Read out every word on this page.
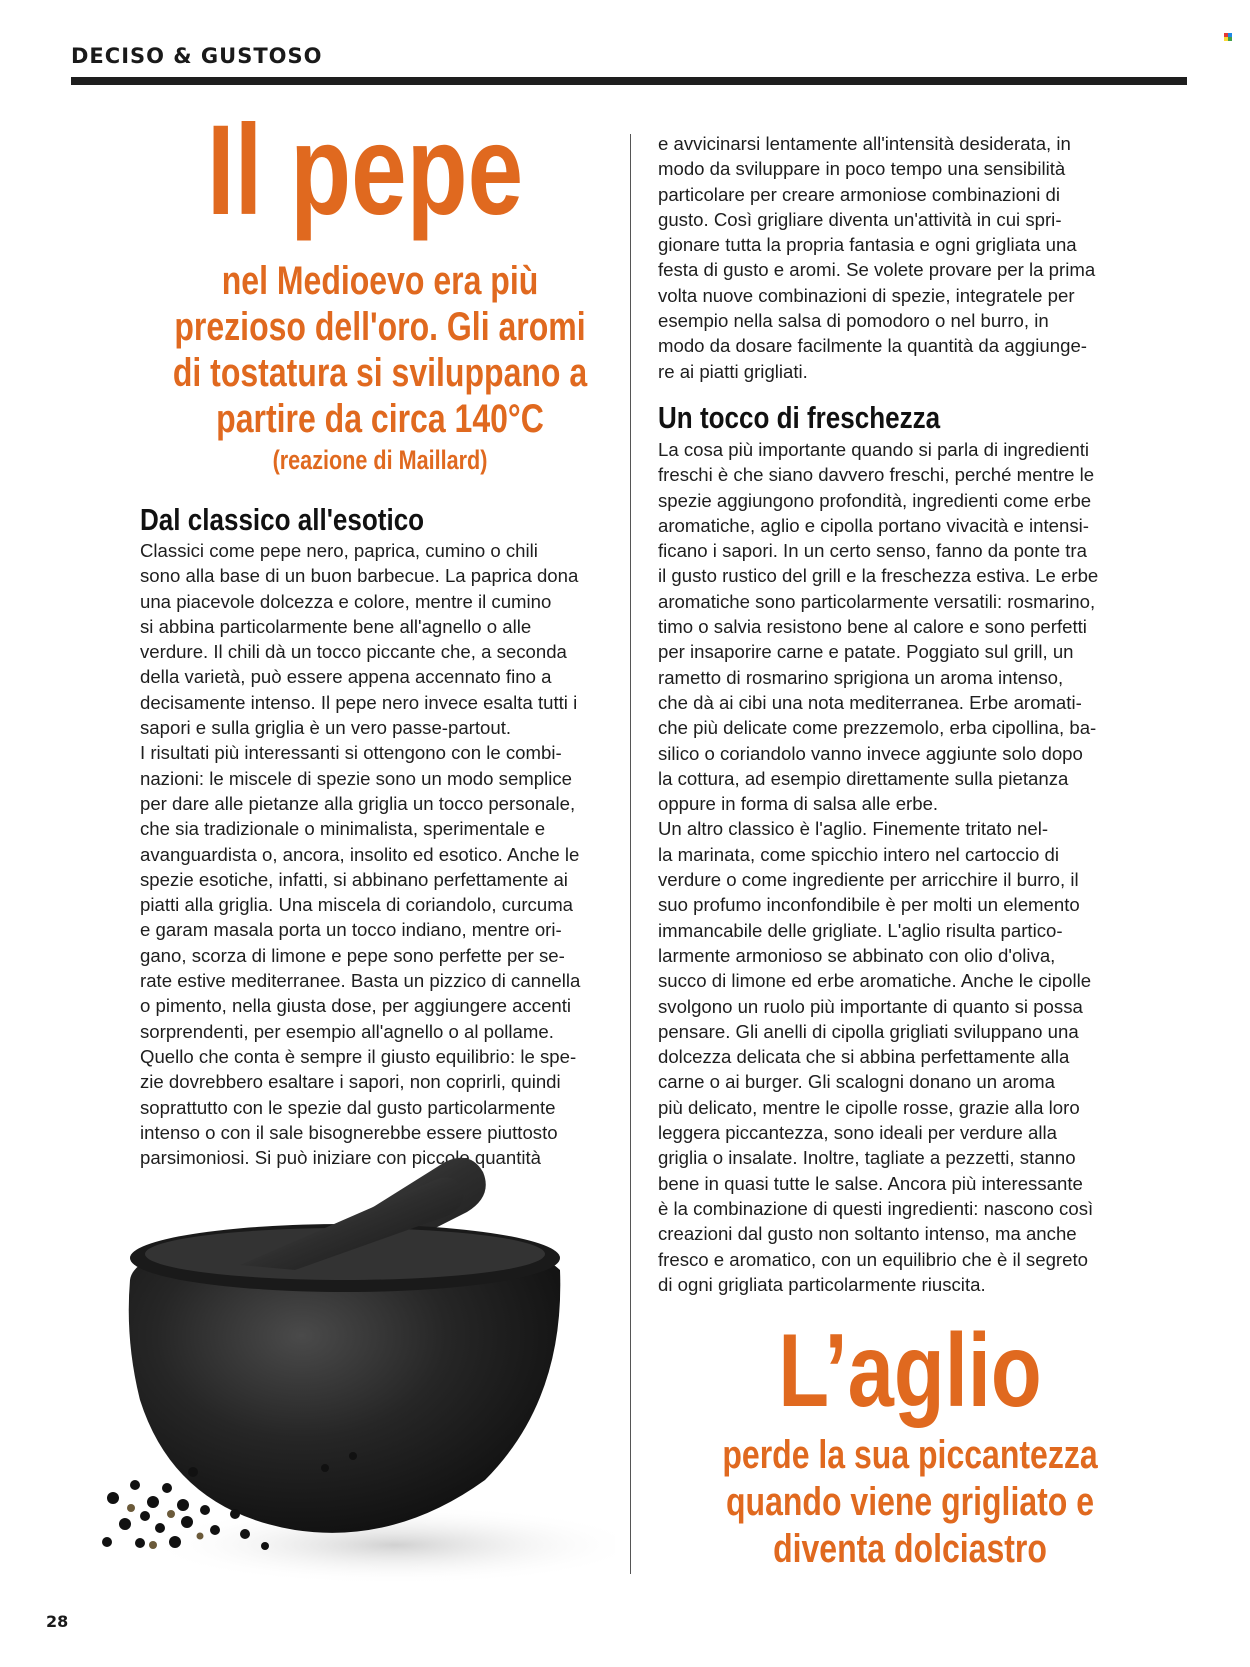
DECISO & GUSTOSO
Il pepe
nel Medioevo era più prezioso dell'oro. Gli aromi di tostatura si sviluppano a partire da circa 140°C
(reazione di Maillard)
Dal classico all'esotico

Classici come pepe nero, paprica, cumino o chili
sono alla base di un buon barbecue. La paprica dona
una piacevole dolcezza e colore, mentre il cumino
si abbina particolarmente bene all'agnello o alle
verdure. Il chili dà un tocco piccante che, a seconda
della varietà, può essere appena accennato fino a
decisamente intenso. Il pepe nero invece esalta tutti i
sapori e sulla griglia è un vero passe-partout.
I risultati più interessanti si ottengono con le combi-
nazioni: le miscele di spezie sono un modo semplice
per dare alle pietanze alla griglia un tocco personale,
che sia tradizionale o minimalista, sperimentale e
avanguardista o, ancora, insolito ed esotico. Anche le
spezie esotiche, infatti, si abbinano perfettamente ai
piatti alla griglia. Una miscela di coriandolo, curcuma
e garam masala porta un tocco indiano, mentre ori-
gano, scorza di limone e pepe sono perfette per se-
rate estive mediterranee. Basta un pizzico di cannella
o pimento, nella giusta dose, per aggiungere accenti
sorprendenti, per esempio all'agnello o al pollame.
Quello che conta è sempre il giusto equilibrio: le spe-
zie dovrebbero esaltare i sapori, non coprirli, quindi
soprattutto con le spezie dal gusto particolarmente
intenso o con il sale bisognerebbe essere piuttosto
parsimoniosi. Si può iniziare con piccole quantità

e avvicinarsi lentamente all'intensità desiderata, in
modo da sviluppare in poco tempo una sensibilità
particolare per creare armoniose combinazioni di
gusto. Così grigliare diventa un'attività in cui spri-
gionare tutta la propria fantasia e ogni grigliata una
festa di gusto e aromi. Se volete provare per la prima
volta nuove combinazioni di spezie, integratele per
esempio nella salsa di pomodoro o nel burro, in
modo da dosare facilmente la quantità da aggiunge-
re ai piatti grigliati.

Un tocco di freschezza

La cosa più importante quando si parla di ingredienti
freschi è che siano davvero freschi, perché mentre le
spezie aggiungono profondità, ingredienti come erbe
aromatiche, aglio e cipolla portano vivacità e intensi-
ficano i sapori. In un certo senso, fanno da ponte tra
il gusto rustico del grill e la freschezza estiva. Le erbe
aromatiche sono particolarmente versatili: rosmarino,
timo o salvia resistono bene al calore e sono perfetti
per insaporire carne e patate. Poggiato sul grill, un
rametto di rosmarino sprigiona un aroma intenso,
che dà ai cibi una nota mediterranea. Erbe aromati-
che più delicate come prezzemolo, erba cipollina, ba-
silico o coriandolo vanno invece aggiunte solo dopo
la cottura, ad esempio direttamente sulla pietanza
oppure in forma di salsa alle erbe.
Un altro classico è l'aglio. Finemente tritato nel-
la marinata, come spicchio intero nel cartoccio di
verdure o come ingrediente per arricchire il burro, il
suo profumo inconfondibile è per molti un elemento
immancabile delle grigliate. L'aglio risulta partico-
larmente armonioso se abbinato con olio d'oliva,
succo di limone ed erbe aromatiche. Anche le cipolle
svolgono un ruolo più importante di quanto si possa
pensare. Gli anelli di cipolla grigliati sviluppano una
dolcezza delicata che si abbina perfettamente alla
carne o ai burger. Gli scalogni donano un aroma
più delicato, mentre le cipolle rosse, grazie alla loro
leggera piccantezza, sono ideali per verdure alla
griglia o insalate. Inoltre, tagliate a pezzetti, stanno
bene in quasi tutte le salse. Ancora più interessante
è la combinazione di questi ingredienti: nascono così
creazioni dal gusto non soltanto intenso, ma anche
fresco e aromatico, con un equilibrio che è il segreto
di ogni grigliata particolarmente riuscita.

L’aglio
perde la sua piccantezza quando viene grigliato e diventa dolciastro
28
